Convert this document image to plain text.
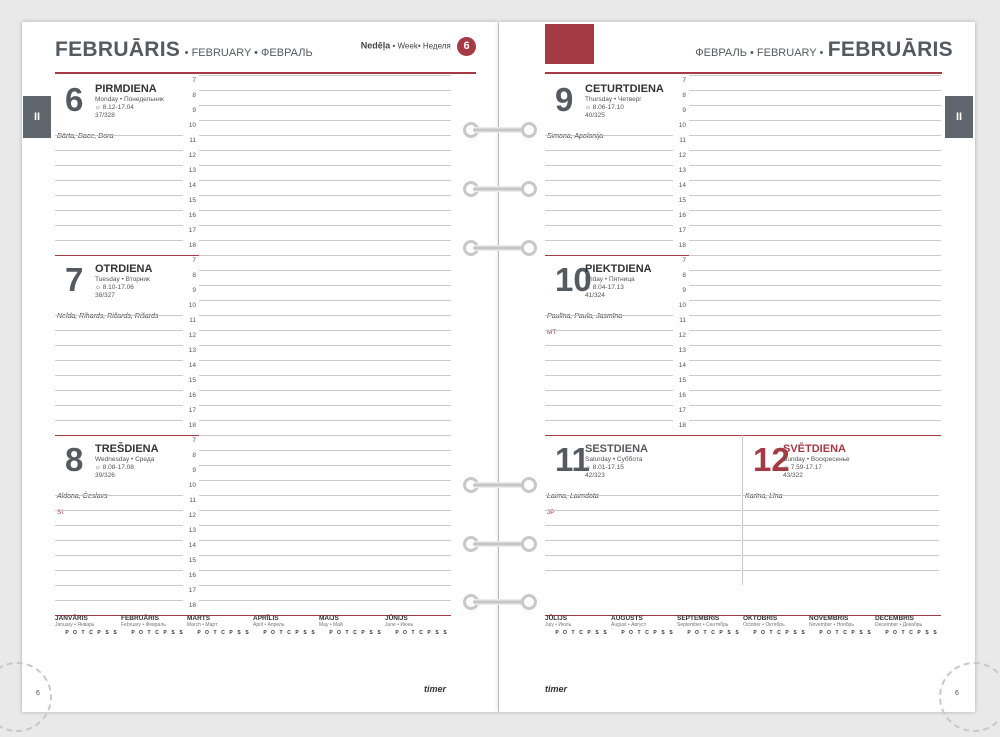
FEBRUĀRIS • FEBRUARY • ФЕВРАЛЬ
Nedēļa • Week• Неделя 6
6 PIRMDIENA
Monday • Понедельник
☼ 8.12-17.04
37/328
Dārta, Dace, Dora
7
8
9
10
11
12
13
14
15
16
17
18
7 OTRDIENA
Tuesday • Вторник
☼ 8.10-17.06
38/327
Nelda, Rihards, Ričards, Rišards
7
8
9
10
11
12
13
14
15
16
17
18
8 TREŠDIENA
Wednesday • Среда
☼ 8.08-17.08
39/326
Aldona, Česlavs
SI
7
8
9
10
11
12
13
14
15
16
17
18
JANVĀRIS
January • Январь
P O T C P S S
FEBRUĀRIS
February • Февраль
P O T C P S S
MARTS
March • Март
P O T C P S S
APRĪLIS
April • Апрель
P O T C P S S
MAIJS
May • Май
P O T C P S S
JŪNIJS
June • Июнь
P O T C P S S
6	timer
II
ФЕВРАЛЬ • FEBRUARY • FEBRUĀRIS
9 CETURTDIENA
Thursday • Четверг
☼ 8.06-17.10
40/325
Simona, Apolonija
7
8
9
10
11
12
13
14
15
16
17
18
10
PIEKTDIENA
Friday • Пятница
☼ 8.04-17.13
41/324
Paulīna, Paula, Jasmīna
MT
7
8
9
10
11
12
13
14
15
16
17
18
11
SESTDIENA
Saturday • Суббота
☼ 8.01-17.15
42/323
Laima, Laimdota
JP
12
SVĒTDIENA
Sunday • Воскресенье
☼ 7.59-17.17
43/322
Karīna, Līna
JŪLIJS
July • Июль
P O T C P S S
AUGUSTS
August • Август
P O T C P S S
SEPTEMBRIS
September • Сентябрь
P O T C P S S
OKTOBRIS
October • Октябрь
P O T C P S S
NOVEMBRIS
November • Ноябрь
P O T C P S S
DECEMBRIS
December • Декабрь
P O T C P S S
6
timer
II
